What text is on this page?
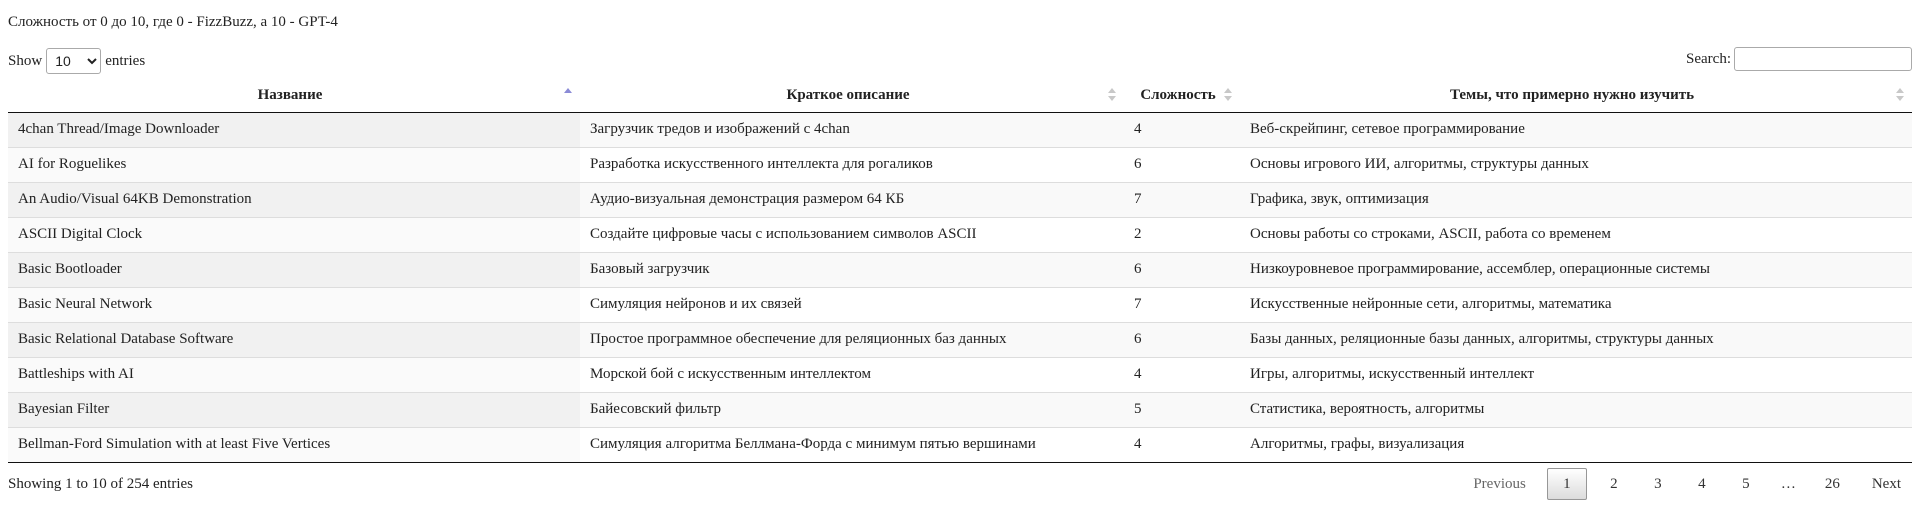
Сложность от 0 до 10, где 0 - FizzBuzz, а 10 - GPT-4
Show
10	entries	Search:
Название	Краткое описание	Сложность	Темы, что примерно нужно изучить

4chan Thread/Image Downloader	Загрузчик тредов и изображений с 4chan	4	Веб-скрейпинг, сетевое программирование
AI for Roguelikes	Разработка искусственного интеллекта для рогаликов	6	Основы игрового ИИ, алгоритмы, структуры данных
An Audio/Visual 64KB Demonstration	Аудио-визуальная демонстрация размером 64 КБ	7	Графика, звук, оптимизация
ASCII Digital Clock	Создайте цифровые часы с использованием символов ASCII	2	Основы работы со строками, ASCII, работа со временем
Basic Bootloader	Базовый загрузчик	6	Низкоуровневое программирование, ассемблер, операционные системы
Basic Neural Network	Симуляция нейронов и их связей	7	Искусственные нейронные сети, алгоритмы, математика
Basic Relational Database Software	Простое программное обеспечение для реляционных баз данных	6	Базы данных, реляционные базы данных, алгоритмы, структуры данных
Battleships with AI	Морской бой с искусственным интеллектом	4	Игры, алгоритмы, искусственный интеллект
Bayesian Filter	Байесовский фильтр	5	Статистика, вероятность, алгоритмы
Bellman-Ford Simulation with at least Five Vertices	Симуляция алгоритма Беллмана-Форда с минимум пятью вершинами	4	Алгоритмы, графы, визуализация
Showing 1 to 10 of 254 entries	Previous	1	2	3	4	5	…	26	Next
